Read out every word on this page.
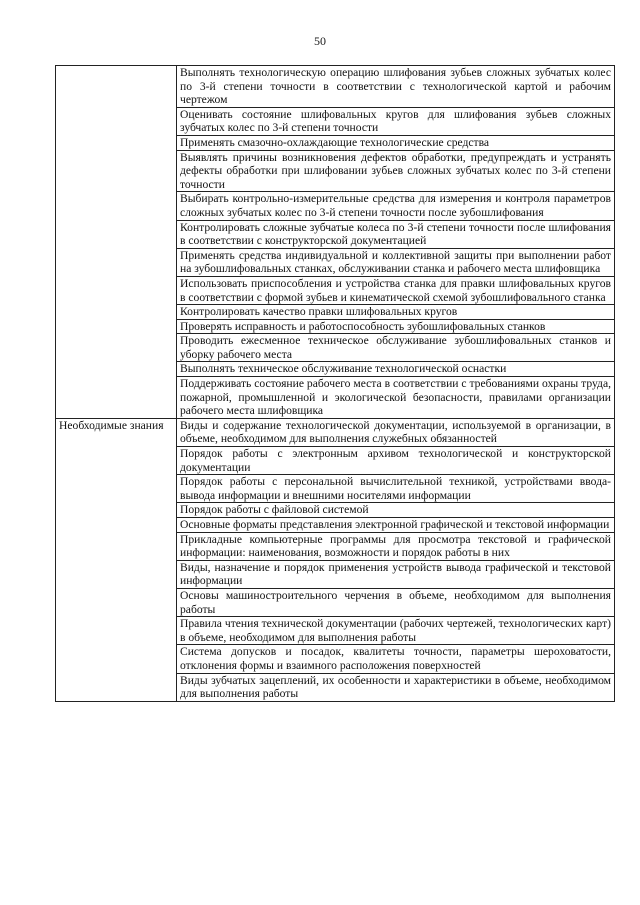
50
	Выполнять технологическую операцию шлифования зубьев сложных зубчатых колес по 3-й степени точности в соответствии с технологической картой и рабочим чертежом
	Оценивать состояние шлифовальных кругов для шлифования зубьев сложных зубчатых колес по 3-й степени точности
	Применять смазочно-охлаждающие технологические средства
	Выявлять причины возникновения дефектов обработки, предупреждать и устранять дефекты обработки при шлифовании зубьев сложных зубчатых колес по 3-й степени точности
	Выбирать контрольно-измерительные средства для измерения и контроля параметров сложных зубчатых колес по 3-й степени точности после зубошлифования
	Контролировать сложные зубчатые колеса по 3-й степени точности после шлифования в соответствии с конструкторской документацией
	Применять средства индивидуальной и коллективной защиты при выполнении работ на зубошлифовальных станках, обслуживании станка и рабочего места шлифовщика
	Использовать приспособления и устройства станка для правки шлифовальных кругов в соответствии с формой зубьев и кинематической схемой зубошлифовального станка
	Контролировать качество правки шлифовальных кругов
	Проверять исправность и работоспособность зубошлифовальных станков
	Проводить ежесменное техническое обслуживание зубошлифовальных станков и уборку рабочего места
	Выполнять техническое обслуживание технологической оснастки
	Поддерживать состояние рабочего места в соответствии с требованиями охраны труда, пожарной, промышленной и экологической безопасности, правилами организации рабочего места шлифовщика
Необходимые знания	Виды и содержание технологической документации, используемой в организации, в объеме, необходимом для выполнения служебных обязанностей
	Порядок работы с электронным архивом технологической и конструкторской документации
	Порядок работы с персональной вычислительной техникой, устройствами ввода-вывода информации и внешними носителями информации
	Порядок работы с файловой системой
	Основные форматы представления электронной графической и текстовой информации
	Прикладные компьютерные программы для просмотра текстовой и графической информации: наименования, возможности и порядок работы в них
	Виды, назначение и порядок применения устройств вывода графической и текстовой информации
	Основы машиностроительного черчения в объеме, необходимом для выполнения работы
	Правила чтения технической документации (рабочих чертежей, технологических карт) в объеме, необходимом для выполнения работы
	Система допусков и посадок, квалитеты точности, параметры шероховатости, отклонения формы и взаимного расположения поверхностей
	Виды зубчатых зацеплений, их особенности и характеристики в объеме, необходимом для выполнения работы
